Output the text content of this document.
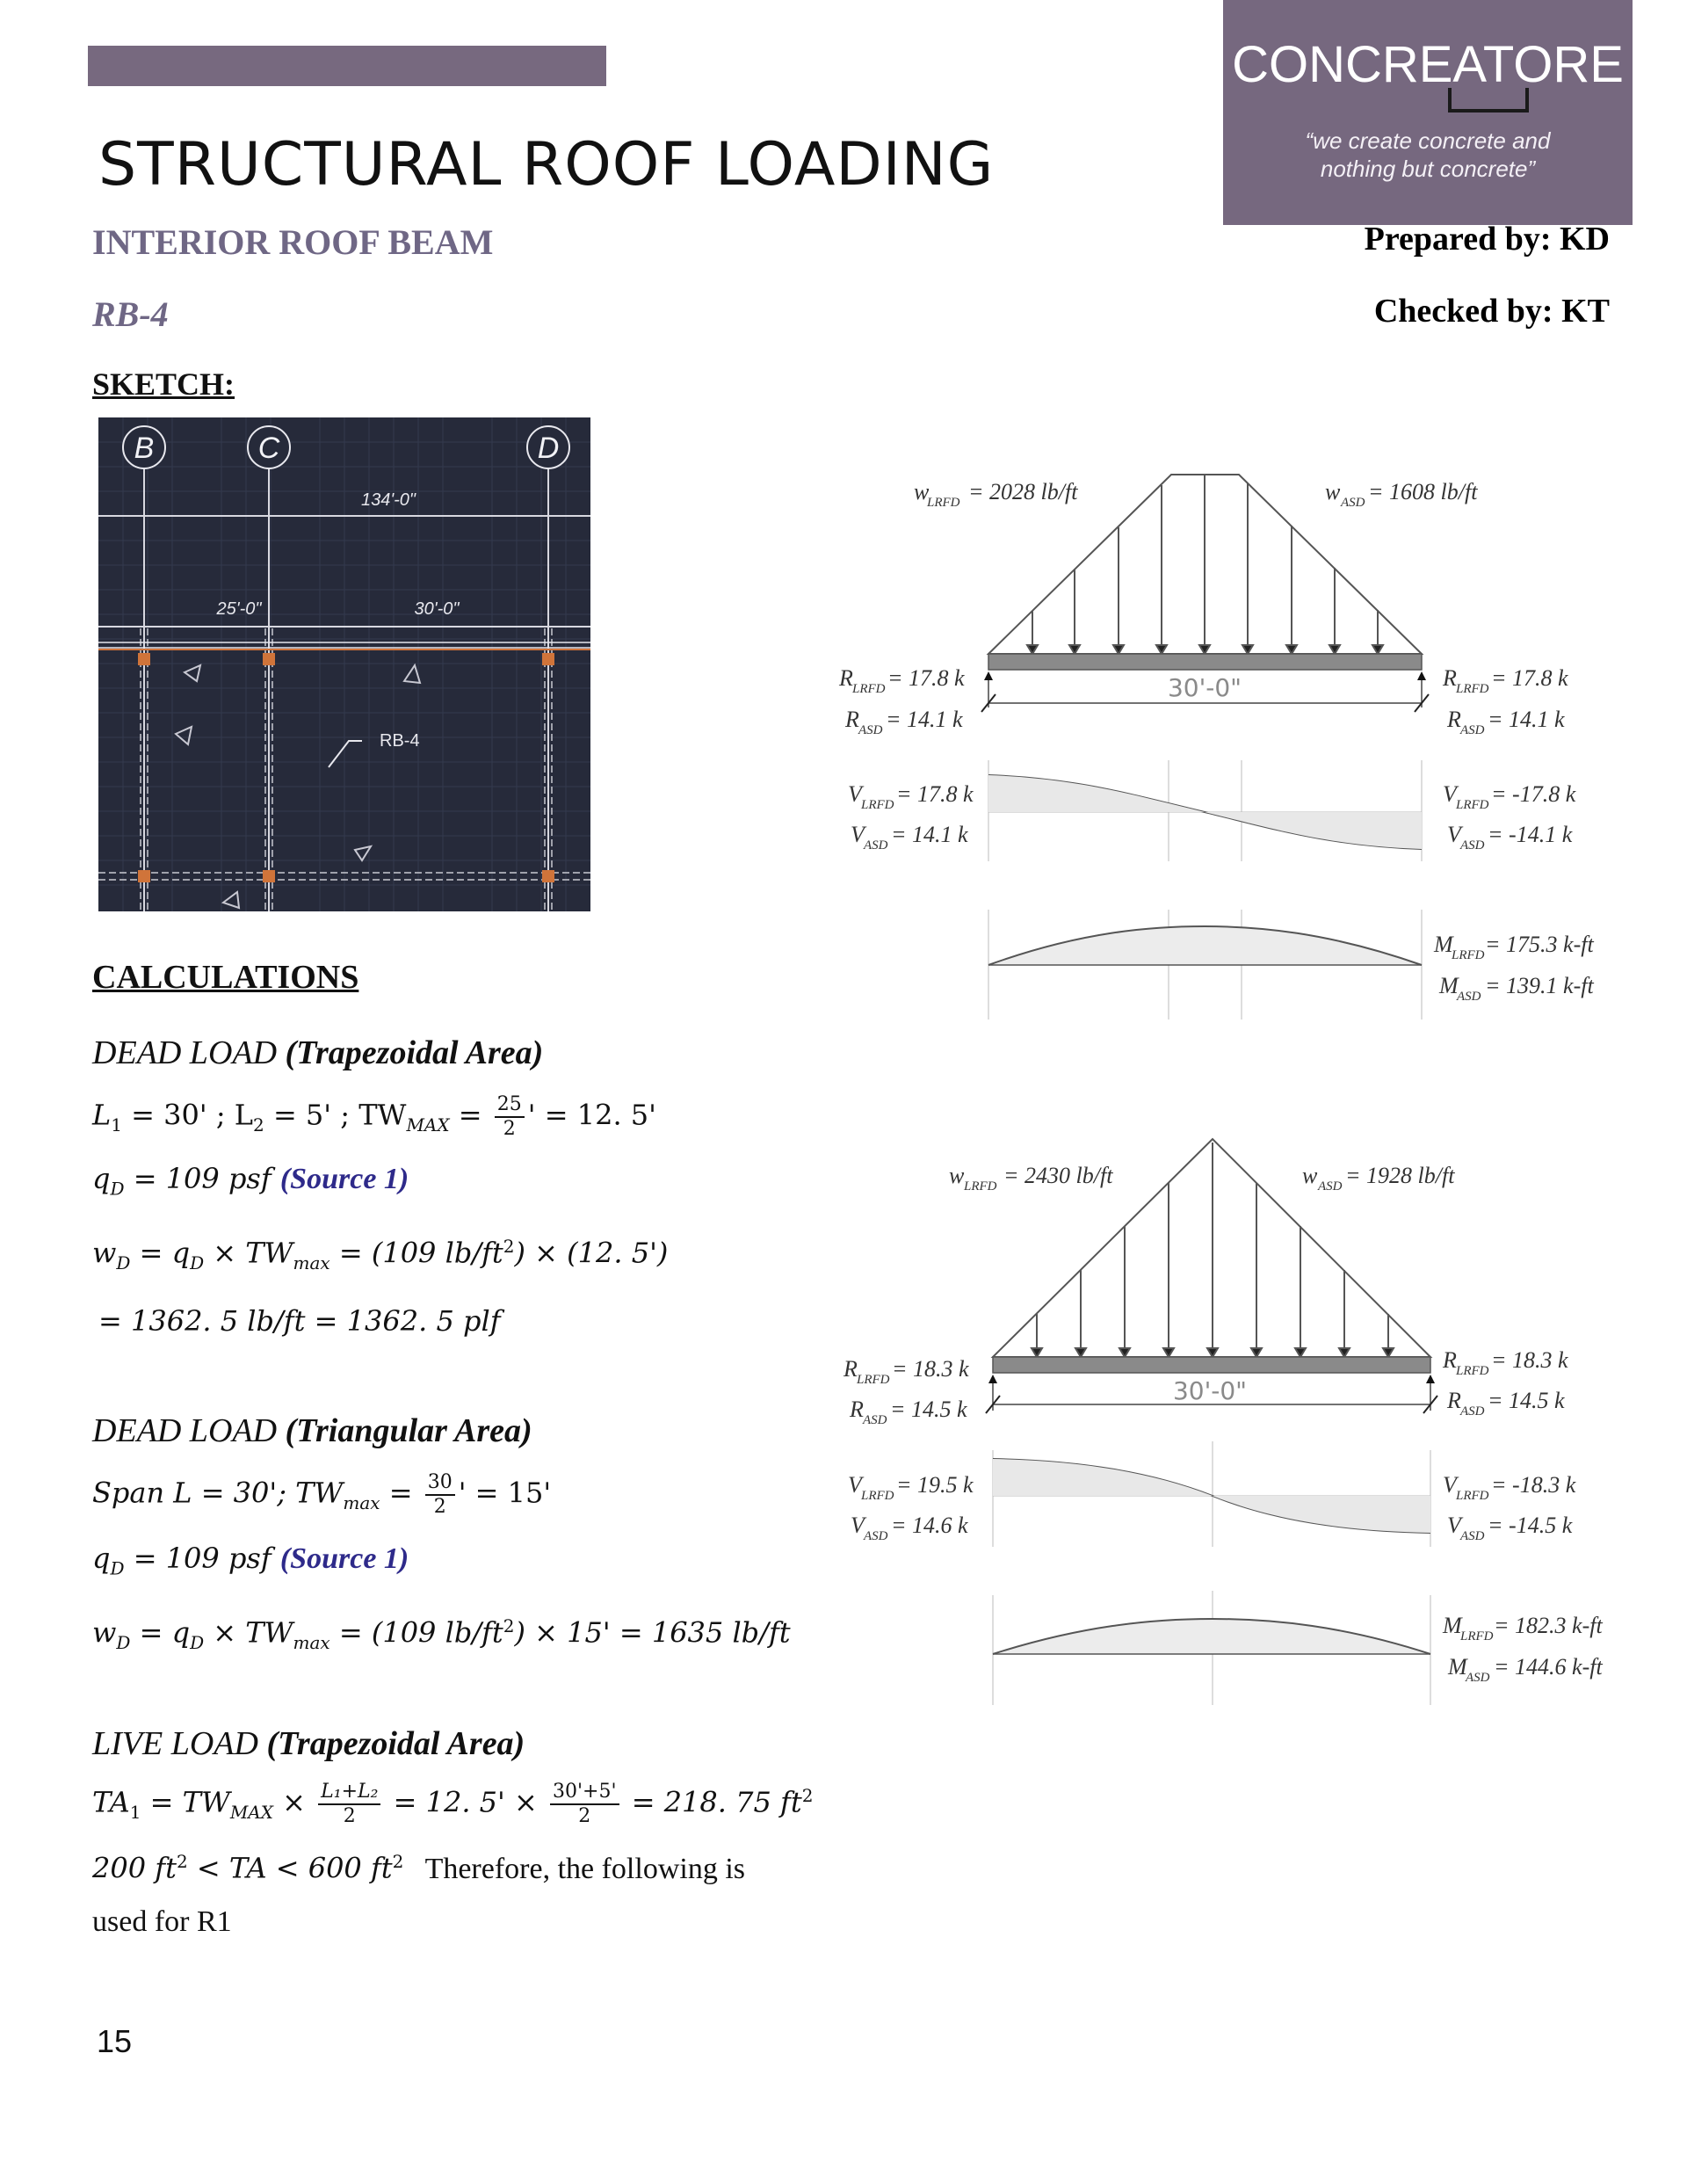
CONCREATORE
“we create concrete and
nothing but concrete”
STRUCTURAL ROOF LOADING
INTERIOR ROOF BEAM
RB-4
Prepared by: KD
Checked by: KT
SKETCH:
B	C	D
134'-0"
25'-0"	30'-0"
RB-4
CALCULATIONS
DEAD LOAD (Trapezoidal Area)
$L_1 = 30'$ ; $L_2 = 5'$ ; $TW_{MAX} = \frac{25}{2}$ ' = 12. 5'
$q_D = 109$ psf (Source 1)
$w_D = q_D \times TW_{max} = (109$ $lb/ft^2) \times (12$. 5')
= 1362. 5 lb/ft = 1362. 5 plf
DEAD LOAD (Triangular Area)
Span L = 30'; $TW_{max} = \frac{30}{2}$ ' = 15'
$q_D = 109$ psf (Source 1)
$w_D = q_D \times TW_{max} = (109$ $lb/ft^2) \times 15' = 1635$ lb/ft
LIVE LOAD (Trapezoidal Area)
$TA_1 = TW_{MAX} \times \frac{\text{L₁+L₂}}{2} = 12$. $5' \times \frac{30'+5'}{2} = 218$. 75 $ft^2$
200 $ft^2$ < TA < 600 $ft^2$ Therefore, the following is
used for R1
30'-0"
w
LRFD = 2028 lb/ft	w ASD = 1608 lb/ft
R LRFD = 17.8 k
R ASD = 14.1 k
R LRFD = 17.8 k
R ASD = 14.1 k
V LRFD = 17.8 k
V ASD = 14.1 k
V LRFD = -17.8 k
V ASD = -14.1 k
M
LRFD = 175.3 k-ft
M
ASD = 139.1 k-ft
30'-0"
w LRFD = 2430 lb/ft	w ASD = 1928 lb/ft
R LRFD = 18.3 k
R ASD = 14.5 k
R LRFD = 18.3 k
R ASD = 14.5 k
V LRFD = 19.5 k
V ASD = 14.6 k
V LRFD = -18.3 k
V ASD = -14.5 k
M
LRFD = 182.3 k-ft
M
ASD = 144.6 k-ft
15
